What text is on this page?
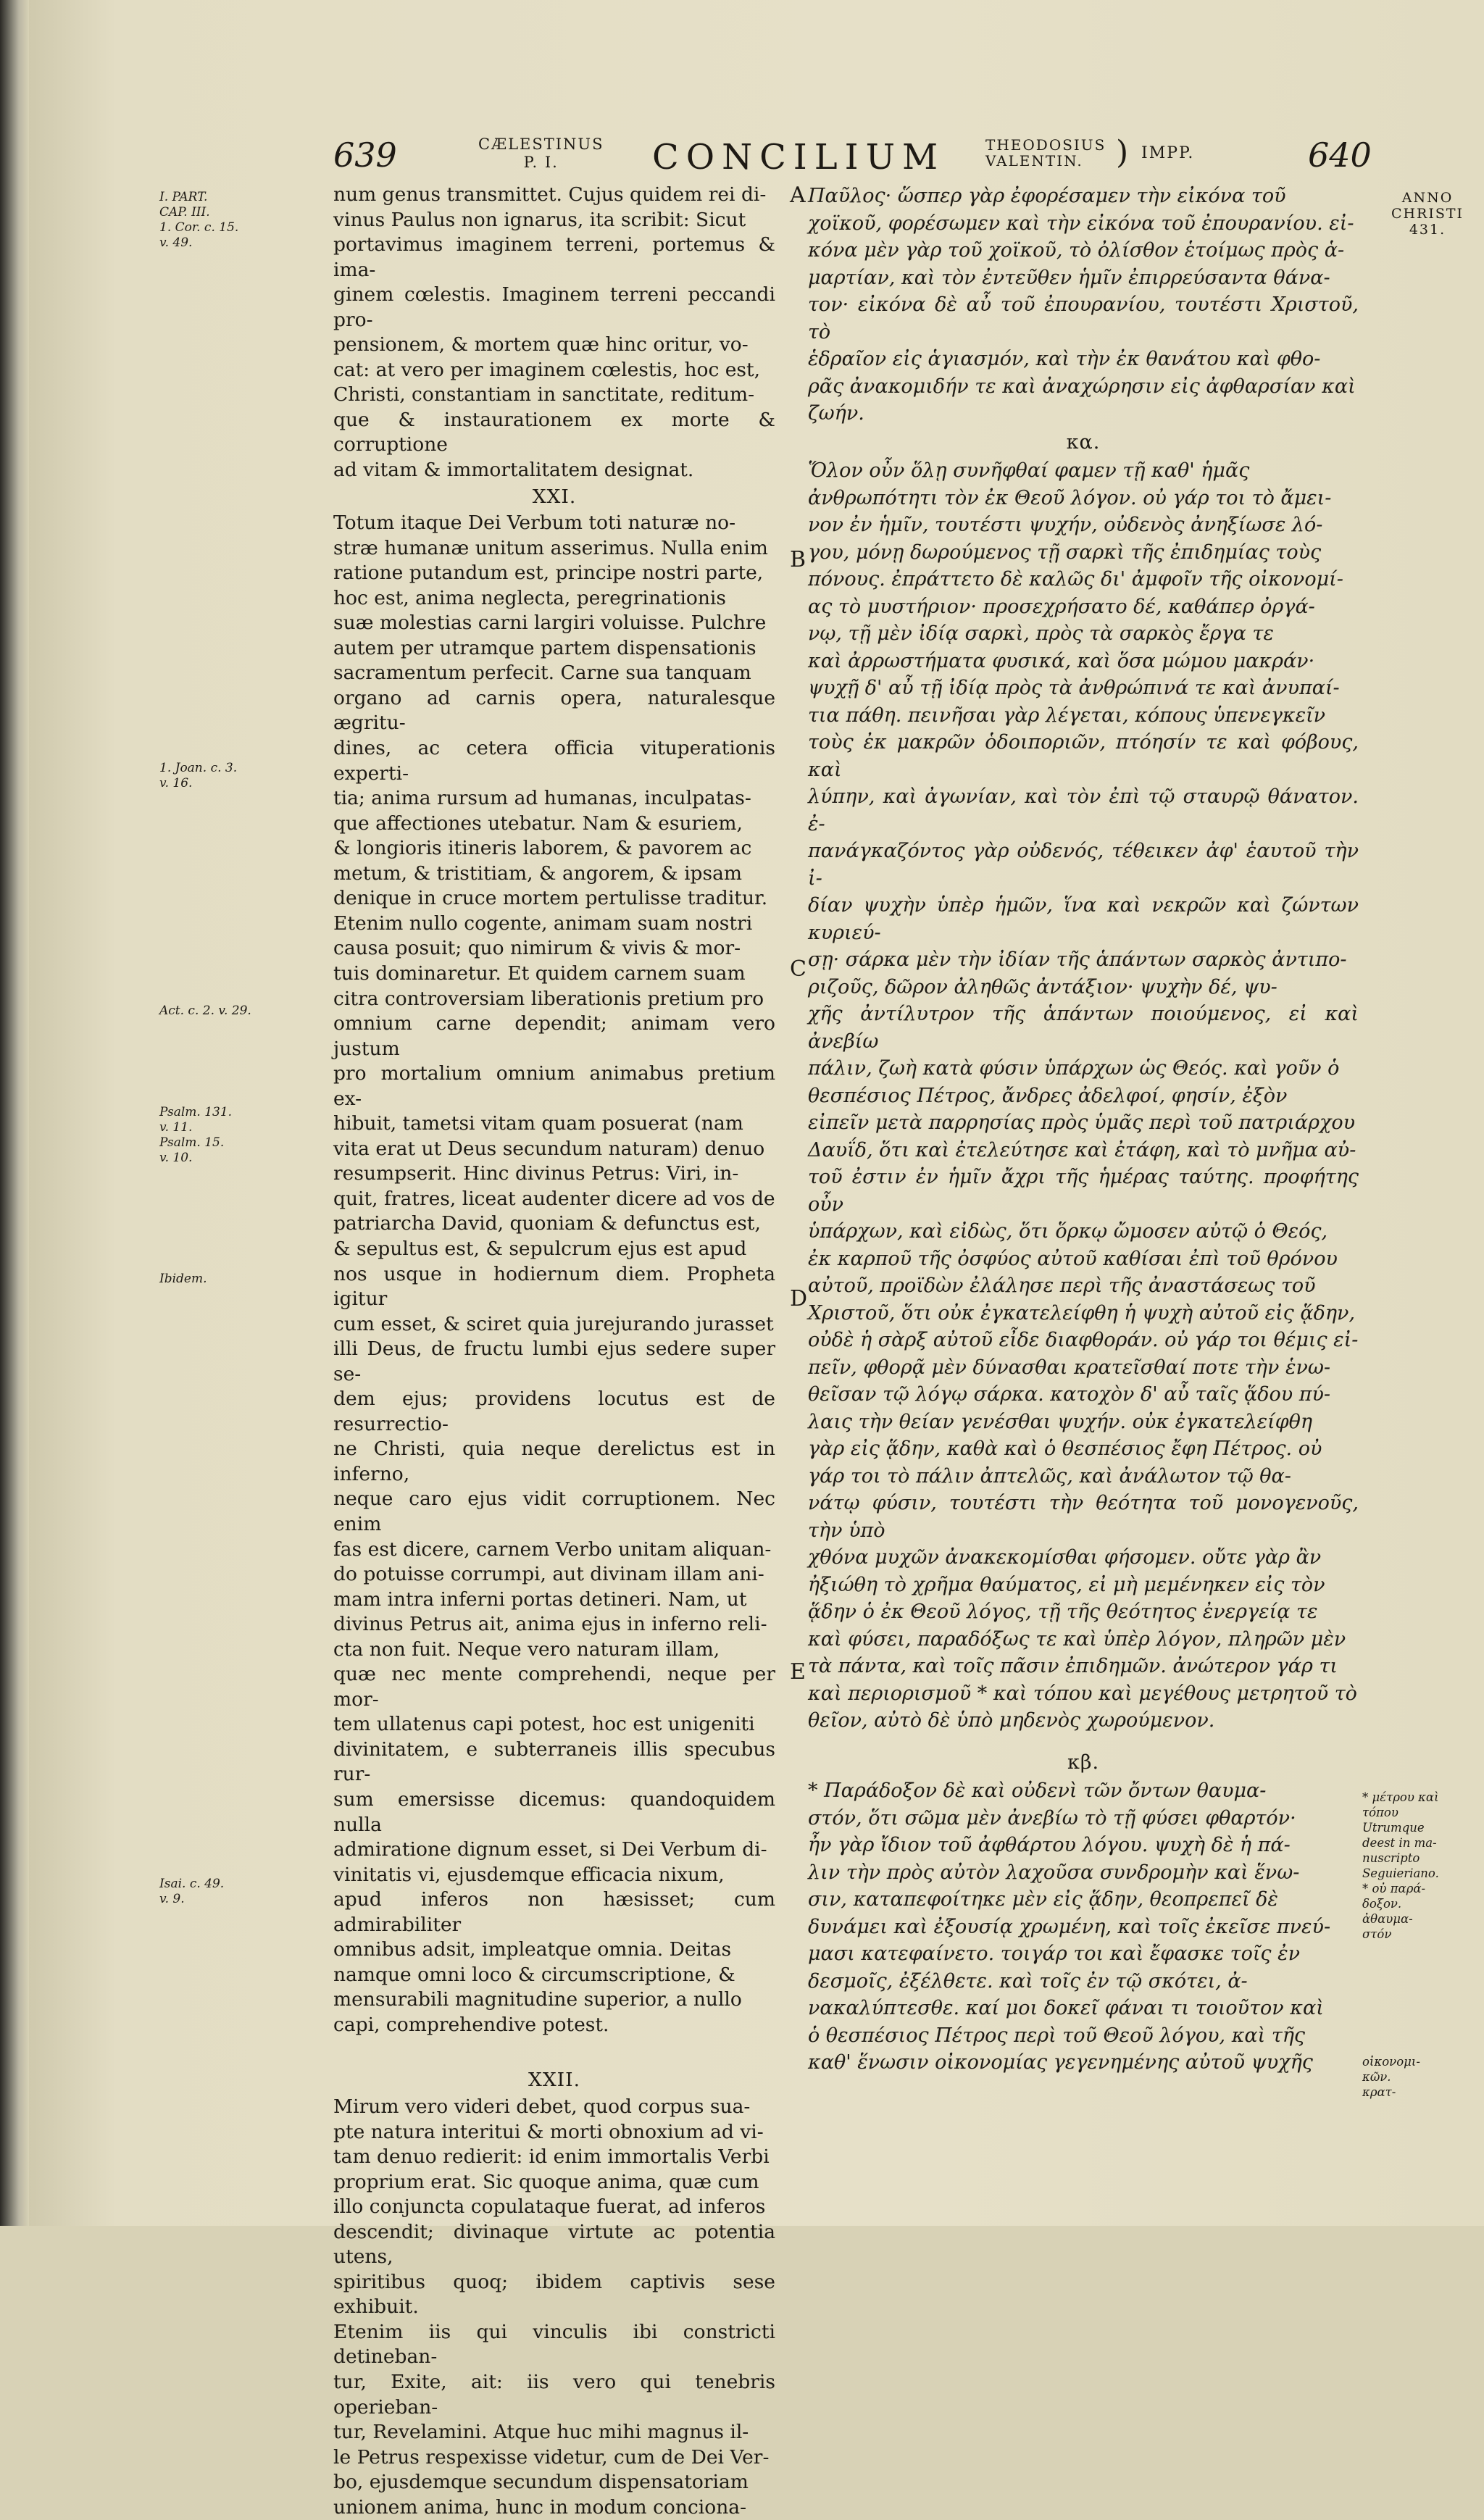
639	CÆLESTINUS
P. I.	CONCILIUM	THEODOSIUS
VALENTIN.	) IMPP.	640
I. PART.
CAP. III.
1. Cor. c. 15.
v. 49.
1. Joan. c. 3.
v. 16.
Act. c. 2. v. 29.
Psalm. 131.
v. 11.
Psalm. 15.
v. 10.
Ibidem.
Isai. c. 49.
v. 9.

num genus transmittet. Cujus quidem rei di-
vinus Paulus non ignarus, ita scribit: Sicut
portavimus imaginem terreni, portemus & ima-
ginem cœlestis. Imaginem terreni peccandi pro-
pensionem, & mortem quæ hinc oritur, vo-
cat: at vero per imaginem cœlestis, hoc est,
Christi, constantiam in sanctitate, reditum-
que & instaurationem ex morte & corruptione
ad vitam & immortalitatem designat.

XXI.

Totum itaque Dei Verbum toti naturæ no-
stræ humanæ unitum asserimus. Nulla enim
ratione putandum est, principe nostri parte,
hoc est, anima neglecta, peregrinationis
suæ molestias carni largiri voluisse. Pulchre
autem per utramque partem dispensationis
sacramentum perfecit. Carne sua tanquam
organo ad carnis opera, naturalesque ægritu-
dines, ac cetera officia vituperationis experti-
tia; anima rursum ad humanas, inculpatas-
que affectiones utebatur. Nam & esuriem,
& longioris itineris laborem, & pavorem ac
metum, & tristitiam, & angorem, & ipsam
denique in cruce mortem pertulisse traditur.
Etenim nullo cogente, animam suam nostri
causa posuit; quo nimirum & vivis & mor-
tuis dominaretur. Et quidem carnem suam
citra controversiam liberationis pretium pro
omnium carne dependit; animam vero justum
pro mortalium omnium animabus pretium ex-
hibuit, tametsi vitam quam posuerat (nam
vita erat ut Deus secundum naturam) denuo
resumpserit. Hinc divinus Petrus: Viri, in-
quit, fratres, liceat audenter dicere ad vos de
patriarcha David, quoniam & defunctus est,
& sepultus est, & sepulcrum ejus est apud
nos usque in hodiernum diem. Propheta igitur
cum esset, & sciret quia jurejurando jurasset
illi Deus, de fructu lumbi ejus sedere super se-
dem ejus; providens locutus est de resurrectio-
ne Christi, quia neque derelictus est in inferno,
neque caro ejus vidit corruptionem. Nec enim
fas est dicere, carnem Verbo unitam aliquan-
do potuisse corrumpi, aut divinam illam ani-
mam intra inferni portas detineri. Nam, ut
divinus Petrus ait, anima ejus in inferno reli-
cta non fuit. Neque vero naturam illam,
quæ nec mente comprehendi, neque per mor-
tem ullatenus capi potest, hoc est unigeniti
divinitatem, e subterraneis illis specubus rur-
sum emersisse dicemus: quandoquidem nulla
admiratione dignum esset, si Dei Verbum di-
vinitatis vi, ejusdemque efficacia nixum,
apud inferos non hæsisset; cum admirabiliter
omnibus adsit, impleatque omnia. Deitas
namque omni loco & circumscriptione, &
mensurabili magnitudine superior, a nullo
capi, comprehendive potest.

XXII.

Mirum vero videri debet, quod corpus sua-
pte natura interitui & morti obnoxium ad vi-
tam denuo redierit: id enim immortalis Verbi
proprium erat. Sic quoque anima, quæ cum
illo conjuncta copulataque fuerat, ad inferos
descendit; divinaque virtute ac potentia utens,
spiritibus quoq; ibidem captivis sese exhibuit.
Etenim iis qui vinculis ibi constricti detineban-
tur, Exite, ait: iis vero qui tenebris operieban-
tur, Revelamini. Atque huc mihi magnus il-
le Petrus respexisse videtur, cum de Dei Ver-
bo, ejusdemque secundum dispensatoriam
unionem anima, hunc in modum conciona-

A
B
C
D
E

Παῦλος· ὥσπερ γὰρ ἐφορέσαμεν τὴν εἰκόνα τοῦ
χοϊκοῦ, φορέσωμεν καὶ τὴν εἰκόνα τοῦ ἐπουρανίου. εἰ-
κόνα μὲν γὰρ τοῦ χοϊκοῦ, τὸ ὀλίσθον ἑτοίμως πρὸς ἁ-
μαρτίαν, καὶ τὸν ἐντεῦθεν ἡμῖν ἐπιρρεύσαντα θάνα-
τον· εἰκόνα δὲ αὖ τοῦ ἐπουρανίου, τουτέστι Χριστοῦ, τὸ
ἑδραῖον εἰς ἁγιασμόν, καὶ τὴν ἐκ θανάτου καὶ φθο-
ρᾶς ἀνακομιδήν τε καὶ ἀναχώρησιν εἰς ἀφθαρσίαν καὶ
ζωήν.

κα.

Ὅλον οὖν ὅλῃ συνῆφθαί φαμεν τῇ καθ' ἡμᾶς
ἀνθρωπότητι τὸν ἐκ Θεοῦ λόγον. οὐ γάρ τοι τὸ ἄμει-
νον ἐν ἡμῖν, τουτέστι ψυχήν, οὐδενὸς ἀνηξίωσε λό-
γου, μόνῃ δωρούμενος τῇ σαρκὶ τῆς ἐπιδημίας τοὺς
πόνους. ἐπράττετο δὲ καλῶς δι' ἀμφοῖν τῆς οἰκονομί-
ας τὸ μυστήριον· προσεχρήσατο δέ, καθάπερ ὀργά-
νῳ, τῇ μὲν ἰδίᾳ σαρκὶ, πρὸς τὰ σαρκὸς ἔργα τε
καὶ ἀρρωστήματα φυσικά, καὶ ὅσα μώμου μακράν·
ψυχῇ δ' αὖ τῇ ἰδίᾳ πρὸς τὰ ἀνθρώπινά τε καὶ ἀνυπαί-
τια πάθη. πεινῆσαι γὰρ λέγεται, κόπους ὑπενεγκεῖν
τοὺς ἐκ μακρῶν ὁδοιποριῶν, πτόησίν τε καὶ φόβους, καὶ
λύπην, καὶ ἀγωνίαν, καὶ τὸν ἐπὶ τῷ σταυρῷ θάνατον. ἐ-
πανάγκαζόντος γὰρ οὐδενός, τέθεικεν ἀφ' ἑαυτοῦ τὴν ἰ-
δίαν ψυχὴν ὑπὲρ ἡμῶν, ἵνα καὶ νεκρῶν καὶ ζώντων κυριεύ-
σῃ· σάρκα μὲν τὴν ἰδίαν τῆς ἁπάντων σαρκὸς ἀντιπο-
ριζοῦς, δῶρον ἀληθῶς ἀντάξιον· ψυχὴν δέ, ψυ-
χῆς ἀντίλυτρον τῆς ἁπάντων ποιούμενος, εἰ καὶ ἀνεβίω
πάλιν, ζωὴ κατὰ φύσιν ὑπάρχων ὡς Θεός. καὶ γοῦν ὁ
θεσπέσιος Πέτρος, ἄνδρες ἀδελφοί, φησίν, ἐξὸν
εἰπεῖν μετὰ παρρησίας πρὸς ὑμᾶς περὶ τοῦ πατριάρχου
Δαυΐδ, ὅτι καὶ ἐτελεύτησε καὶ ἐτάφη, καὶ τὸ μνῆμα αὐ-
τοῦ ἐστιν ἐν ἡμῖν ἄχρι τῆς ἡμέρας ταύτης. προφήτης οὖν
ὑπάρχων, καὶ εἰδὼς, ὅτι ὅρκῳ ὤμοσεν αὐτῷ ὁ Θεός,
ἐκ καρποῦ τῆς ὀσφύος αὐτοῦ καθίσαι ἐπὶ τοῦ θρόνου
αὐτοῦ, προϊδὼν ἐλάλησε περὶ τῆς ἀναστάσεως τοῦ
Χριστοῦ, ὅτι οὐκ ἐγκατελείφθη ἡ ψυχὴ αὐτοῦ εἰς ᾅδην,
οὐδὲ ἡ σὰρξ αὐτοῦ εἶδε διαφθοράν. οὐ γάρ τοι θέμις εἰ-
πεῖν, φθορᾷ μὲν δύνασθαι κρατεῖσθαί ποτε τὴν ἑνω-
θεῖσαν τῷ λόγῳ σάρκα. κατοχὸν δ' αὖ ταῖς ᾅδου πύ-
λαις τὴν θείαν γενέσθαι ψυχήν. οὐκ ἐγκατελείφθη
γὰρ εἰς ᾅδην, καθὰ καὶ ὁ θεσπέσιος ἔφη Πέτρος. οὐ
γάρ τοι τὸ πάλιν ἀπτελῶς, καὶ ἀνάλωτον τῷ θα-
νάτῳ φύσιν, τουτέστι τὴν θεότητα τοῦ μονογενοῦς, τὴν ὑπὸ
χθόνα μυχῶν ἀνακεκομίσθαι φήσομεν. οὔτε γὰρ ἂν
ἠξιώθη τὸ χρῆμα θαύματος, εἰ μὴ μεμένηκεν εἰς τὸν
ᾅδην ὁ ἐκ Θεοῦ λόγος, τῇ τῆς θεότητος ἐνεργείᾳ τε
καὶ φύσει, παραδόξως τε καὶ ὑπὲρ λόγον, πληρῶν μὲν
τὰ πάντα, καὶ τοῖς πᾶσιν ἐπιδημῶν. ἀνώτερον γάρ τι
καὶ περιορισμοῦ * καὶ τόπου καὶ μεγέθους μετρητοῦ τὸ
θεῖον, αὐτὸ δὲ ὑπὸ μηδενὸς χωρούμενον.

κβ.

* Παράδοξον δὲ καὶ οὐδενὶ τῶν ὄντων θαυμα-
στόν, ὅτι σῶμα μὲν ἀνεβίω τὸ τῇ φύσει φθαρτόν·
ἦν γὰρ ἴδιον τοῦ ἀφθάρτου λόγου. ψυχὴ δὲ ἡ πά-
λιν τὴν πρὸς αὐτὸν λαχοῦσα συνδρομὴν καὶ ἕνω-
σιν, καταπεφοίτηκε μὲν εἰς ᾅδην, θεοπρεπεῖ δὲ
δυνάμει καὶ ἐξουσίᾳ χρωμένη, καὶ τοῖς ἐκεῖσε πνεύ-
μασι κατεφαίνετο. τοιγάρ τοι καὶ ἔφασκε τοῖς ἐν
δεσμοῖς, ἐξέλθετε. καὶ τοῖς ἐν τῷ σκότει, ἀ-
νακαλύπτεσθε. καί μοι δοκεῖ φάναι τι τοιοῦτον καὶ
ὁ θεσπέσιος Πέτρος περὶ τοῦ Θεοῦ λόγου, καὶ τῆς
καθ' ἕνωσιν οἰκονομίας γεγενημένης αὐτοῦ ψυχῆς

ANNO
CHRISTI
431.
* μέτρου καὶ
τόπου
Utrumque
deest in ma-
nuscripto
Seguieriano.
* οὐ παρά-
δοξον.
ἀθαυμα-
στόν
οἰκονομι-
κῶν.
κρατ-
